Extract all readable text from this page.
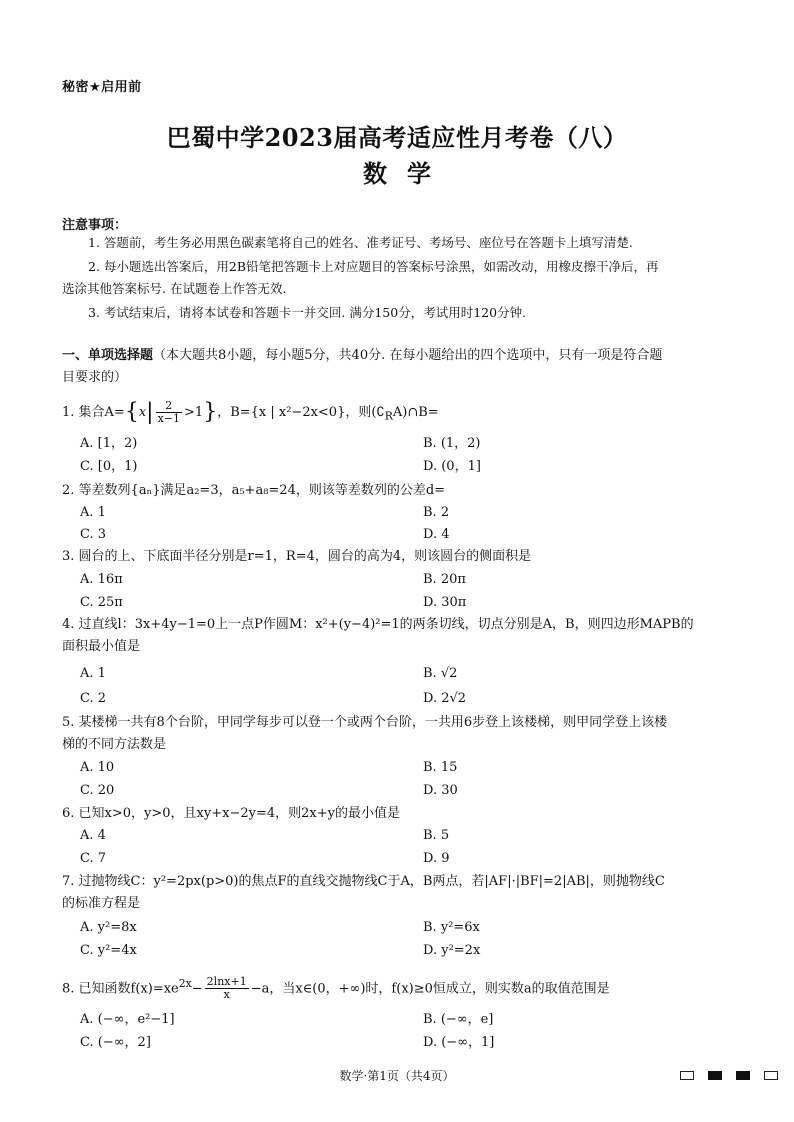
秘密★启用前
巴蜀中学2023届高考适应性月考卷（八）
数学
注意事项：
1. 答题前，考生务必用黑色碳素笔将自己的姓名、准考证号、考场号、座位号在答题卡上填写清楚.
2. 每小题选出答案后，用2B铅笔把答题卡上对应题目的答案标号涂黑，如需改动，用橡皮擦干净后，再
选涂其他答案标号. 在试题卷上作答无效.
3. 考试结束后，请将本试卷和答题卡一并交回. 满分150分，考试用时120分钟.
一、单项选择题（本大题共8小题，每小题5分，共40分. 在每小题给出的四个选项中，只有一项是符合题
目要求的）
1. 集合$A=\{x| \frac{2}{x-1} >1\}$，B={x | x²−2x<0}，则$(∁_RA)\cap B=$
A. [1，2)	B. (1，2)
C. [0，1)	D. (0，1]
2. 等差数列{aₙ}满足a₂=3，a₅+a₈=24，则该等差数列的公差d=
A. 1	B. 2
C. 3	D. 4
3. 圆台的上、下底面半径分别是r=1，R=4，圆台的高为4，则该圆台的侧面积是
A. 16π	B. 20π
C. 25π	D. 30π
4. 过直线l：3x+4y−1=0上一点P作圆M：x²+(y−4)²=1的两条切线，切点分别是A，B，则四边形MAPB的
面积最小值是
A. 1	B. √2
C. 2	D. 2√2
5. 某楼梯一共有8个台阶，甲同学每步可以登一个或两个台阶，一共用6步登上该楼梯，则甲同学登上该楼
梯的不同方法数是
A. 10	B. 15
C. 20	D. 30
6. 已知x>0，y>0，且xy+x−2y=4，则2x+y的最小值是
A. 4	B. 5
C. 7	D. 9
7. 过抛物线C：y²=2px(p>0)的焦点F的直线交抛物线C于A，B两点，若|AF|·|BF|=2|AB|，则抛物线C
的标准方程是
A. y²=8x	B. y²=6x
C. y²=4x	D. y²=2x
8. 已知函数$f(x)=xe^{2x}- \frac{2\ln x+1}{x} -a$，当x∈(0，+∞)时，f(x)≥0恒成立，则实数a的取值范围是
A. (−∞，e²−1]	B. (−∞，e]
C. (−∞，2]	D. (−∞，1]
数学·第1页（共4页）
